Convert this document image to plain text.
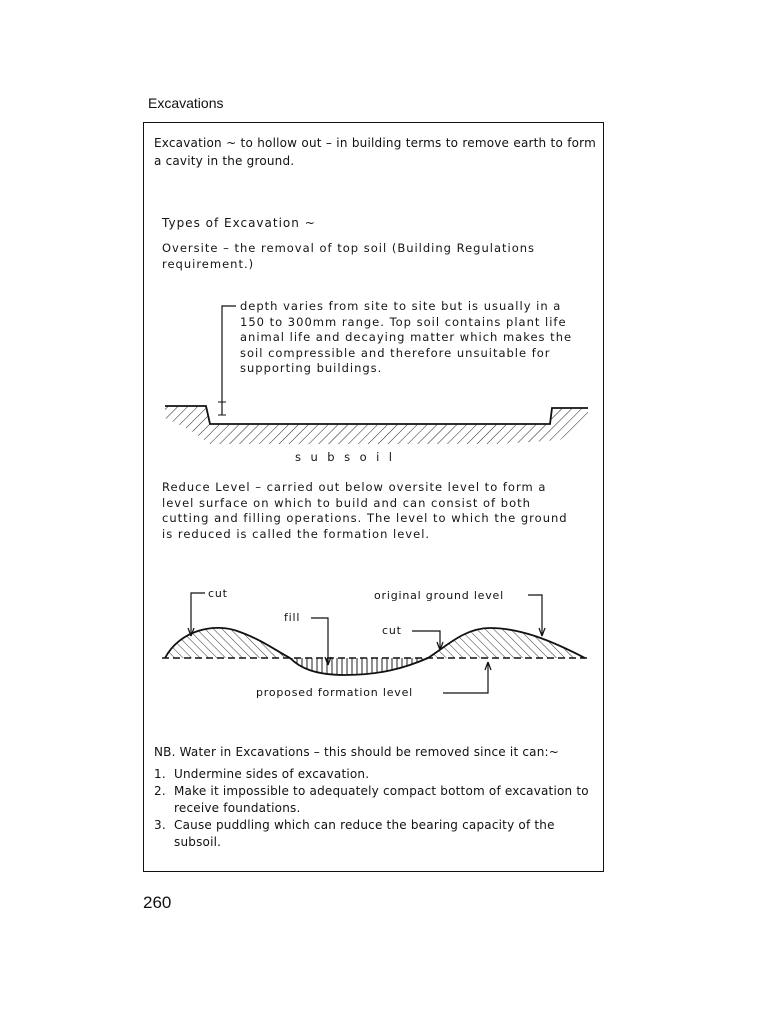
Excavations
Excavation ~ to hollow out – in building terms to remove earth to form a cavity in the ground.
Types of Excavation ~
Oversite – the removal of top soil (Building Regulations requirement.)
depth varies from site to site but is usually in a 150 to 300mm range. Top soil contains plant life animal life and decaying matter which makes the soil compressible and therefore unsuitable for supporting buildings.
subsoil
Reduce Level – carried out below oversite level to form a level surface on which to build and can consist of both cutting and filling operations. The level to which the ground is reduced is called the formation level.
cut	original ground level
fill
cut
proposed formation level
NB. Water in Excavations – this should be removed since it can:~
1. Undermine sides of excavation.
2. Make it impossible to adequately compact bottom of excavation to receive foundations.
3. Cause puddling which can reduce the bearing capacity of the subsoil.
260
